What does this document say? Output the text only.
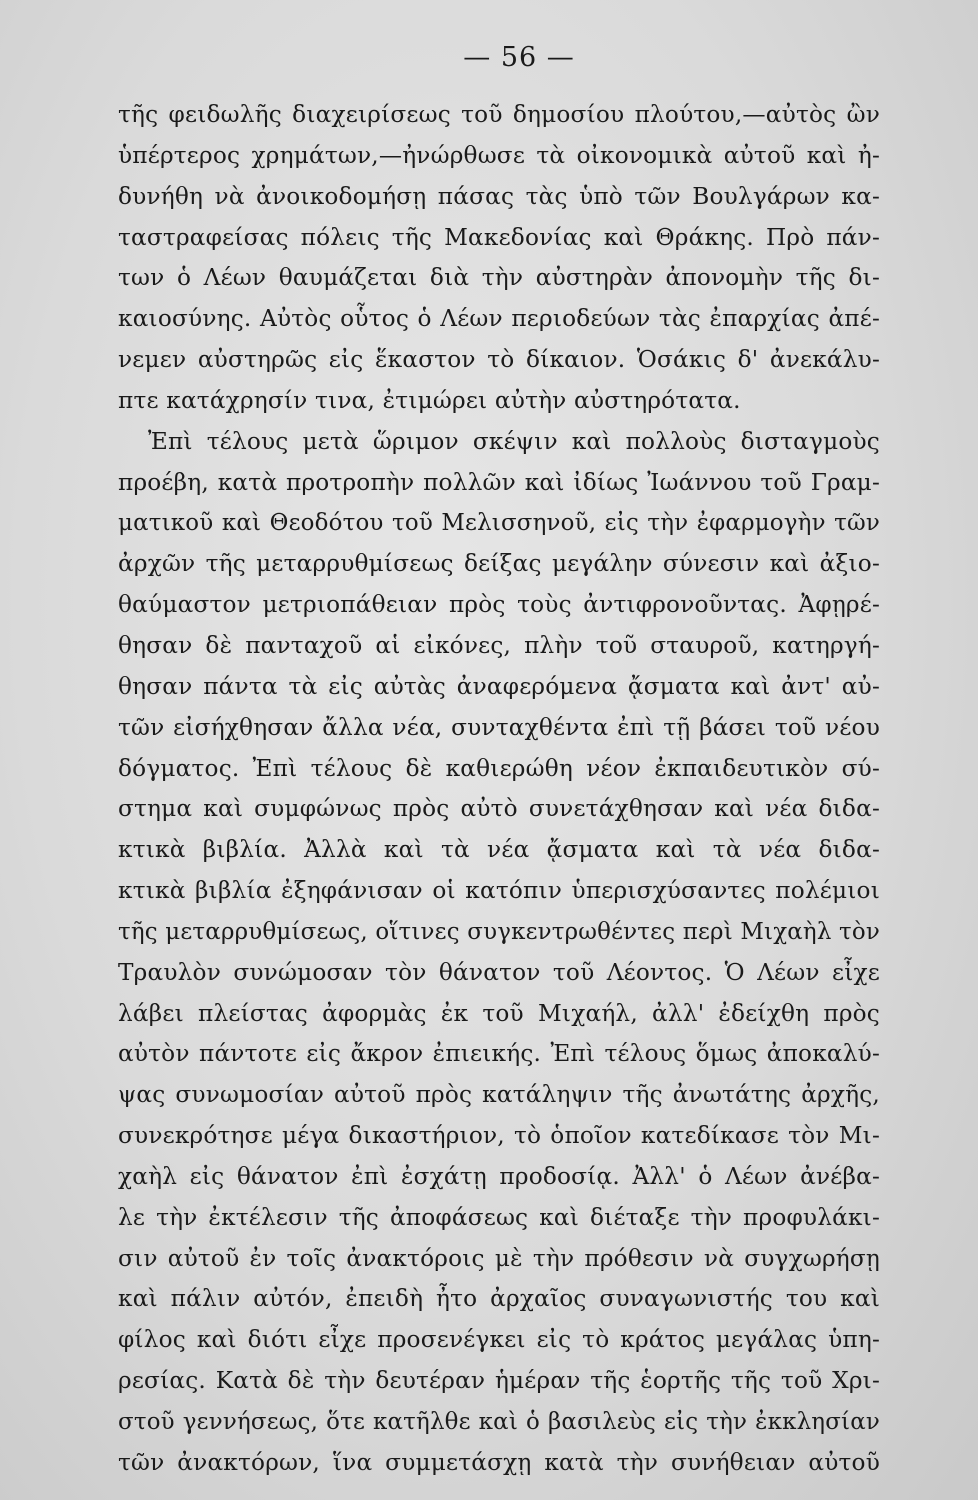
— 56 —
τῆς φειδωλῆς διαχειρίσεως τοῦ δημοσίου πλούτου,—αὐτὸς ὢν
ὑπέρτερος χρημάτων,—ἠνώρθωσε τὰ οἰκονομικὰ αὐτοῦ καὶ ἠ-
δυνήθη νὰ ἀνοικοδομήσῃ πάσας τὰς ὑπὸ τῶν Βουλγάρων κα-
ταστραφείσας πόλεις τῆς Μακεδονίας καὶ Θράκης. Πρὸ πάν-
των ὁ Λέων θαυμάζεται διὰ τὴν αὐστηρὰν ἀπονομὴν τῆς δι-
καιοσύνης. Αὐτὸς οὗτος ὁ Λέων περιοδεύων τὰς ἐπαρχίας ἀπέ-
νεμεν αὐστηρῶς εἰς ἕκαστον τὸ δίκαιον. Ὁσάκις δ' ἀνεκάλυ-
πτε κατάχρησίν τινα, ἐτιμώρει αὐτὴν αὐστηρότατα.
Ἐπὶ τέλους μετὰ ὥριμον σκέψιν καὶ πολλοὺς δισταγμοὺς
προέβη, κατὰ προτροπὴν πολλῶν καὶ ἰδίως Ἰωάννου τοῦ Γραμ-
ματικοῦ καὶ Θεοδότου τοῦ Μελισσηνοῦ, εἰς τὴν ἐφαρμογὴν τῶν
ἀρχῶν τῆς μεταρρυθμίσεως δείξας μεγάλην σύνεσιν καὶ ἀξιο-
θαύμαστον μετριοπάθειαν πρὸς τοὺς ἀντιφρονοῦντας. Ἀφῃρέ-
θησαν δὲ πανταχοῦ αἱ εἰκόνες, πλὴν τοῦ σταυροῦ, κατηργή-
θησαν πάντα τὰ εἰς αὐτὰς ἀναφερόμενα ᾄσματα καὶ ἀντ' αὐ-
τῶν εἰσήχθησαν ἄλλα νέα, συνταχθέντα ἐπὶ τῇ βάσει τοῦ νέου
δόγματος. Ἐπὶ τέλους δὲ καθιερώθη νέον ἐκπαιδευτικὸν σύ-
στημα καὶ συμφώνως πρὸς αὐτὸ συνετάχθησαν καὶ νέα διδα-
κτικὰ βιβλία. Ἀλλὰ καὶ τὰ νέα ᾄσματα καὶ τὰ νέα διδα-
κτικὰ βιβλία ἐξηφάνισαν οἱ κατόπιν ὑπερισχύσαντες πολέμιοι
τῆς μεταρρυθμίσεως, οἵτινες συγκεντρωθέντες περὶ Μιχαὴλ τὸν
Τραυλὸν συνώμοσαν τὸν θάνατον τοῦ Λέοντος. Ὁ Λέων εἶχε
λάβει πλείστας ἀφορμὰς ἐκ τοῦ Μιχαήλ, ἀλλ' ἐδείχθη πρὸς
αὐτὸν πάντοτε εἰς ἄκρον ἐπιεικής. Ἐπὶ τέλους ὅμως ἀποκαλύ-
ψας συνωμοσίαν αὐτοῦ πρὸς κατάληψιν τῆς ἀνωτάτης ἀρχῆς,
συνεκρότησε μέγα δικαστήριον, τὸ ὁποῖον κατεδίκασε τὸν Μι-
χαὴλ εἰς θάνατον ἐπὶ ἐσχάτῃ προδοσίᾳ. Ἀλλ' ὁ Λέων ἀνέβα-
λε τὴν ἐκτέλεσιν τῆς ἀποφάσεως καὶ διέταξε τὴν προφυλάκι-
σιν αὐτοῦ ἐν τοῖς ἀνακτόροις μὲ τὴν πρόθεσιν νὰ συγχωρήσῃ
καὶ πάλιν αὐτόν, ἐπειδὴ ἦτο ἀρχαῖος συναγωνιστής του καὶ
φίλος καὶ διότι εἶχε προσενέγκει εἰς τὸ κράτος μεγάλας ὑπη-
ρεσίας. Κατὰ δὲ τὴν δευτέραν ἡμέραν τῆς ἑορτῆς τῆς τοῦ Χρι-
στοῦ γεννήσεως, ὅτε κατῆλθε καὶ ὁ βασιλεὺς εἰς τὴν ἐκκλησίαν
τῶν ἀνακτόρων, ἵνα συμμετάσχῃ κατὰ τὴν συνήθειαν αὐτοῦ
